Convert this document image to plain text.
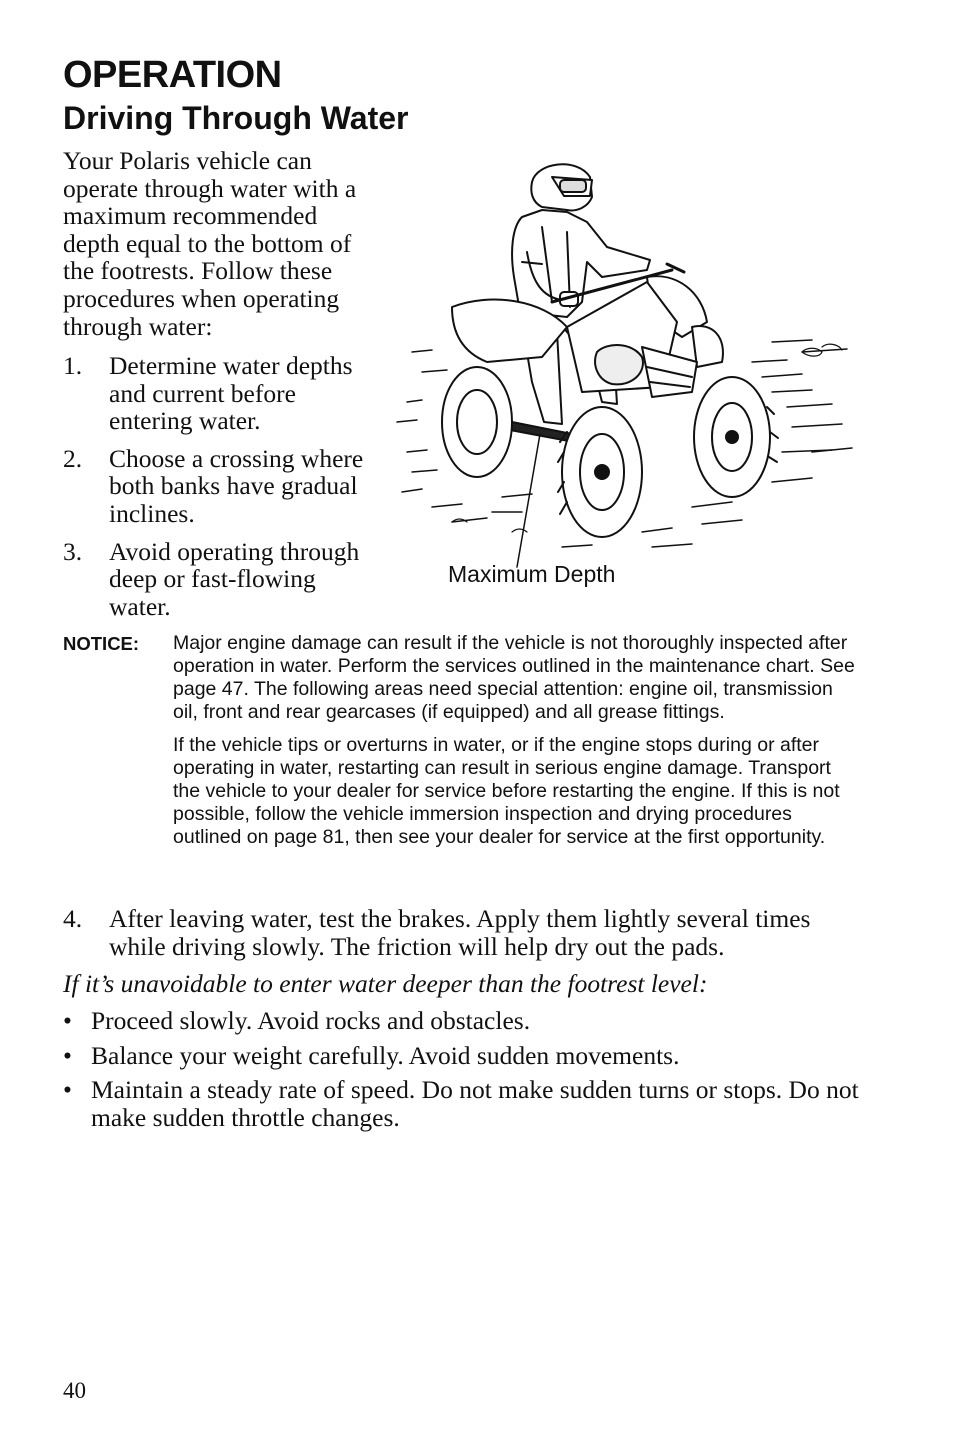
OPERATION
Driving Through Water

Your Polaris vehicle can operate through water with a maximum recommended depth equal to the bottom of the footrests. Follow these procedures when operating through water:

1. Determine water depths and current before entering water.
2. Choose a crossing where both banks have gradual inclines.
3. Avoid operating through deep or fast-flowing water.
Maximum Depth
NOTICE: Major engine damage can result if the vehicle is not thoroughly inspected after operation in water. Perform the services outlined in the maintenance chart. See page 47. The following areas need special attention: engine oil, transmission oil, front and rear gearcases (if equipped) and all grease fittings.

If the vehicle tips or overturns in water, or if the engine stops during or after operating in water, restarting can result in serious engine damage. Transport the vehicle to your dealer for service before restarting the engine. If this is not possible, follow the vehicle immersion inspection and drying procedures outlined on page 81, then see your dealer for service at the first opportunity.

4. After leaving water, test the brakes. Apply them lightly several times while driving slowly. The friction will help dry out the pads.

If it’s unavoidable to enter water deeper than the footrest level:

• Proceed slowly. Avoid rocks and obstacles.
• Balance your weight carefully. Avoid sudden movements.
• Maintain a steady rate of speed. Do not make sudden turns or stops. Do not make sudden throttle changes.
40
